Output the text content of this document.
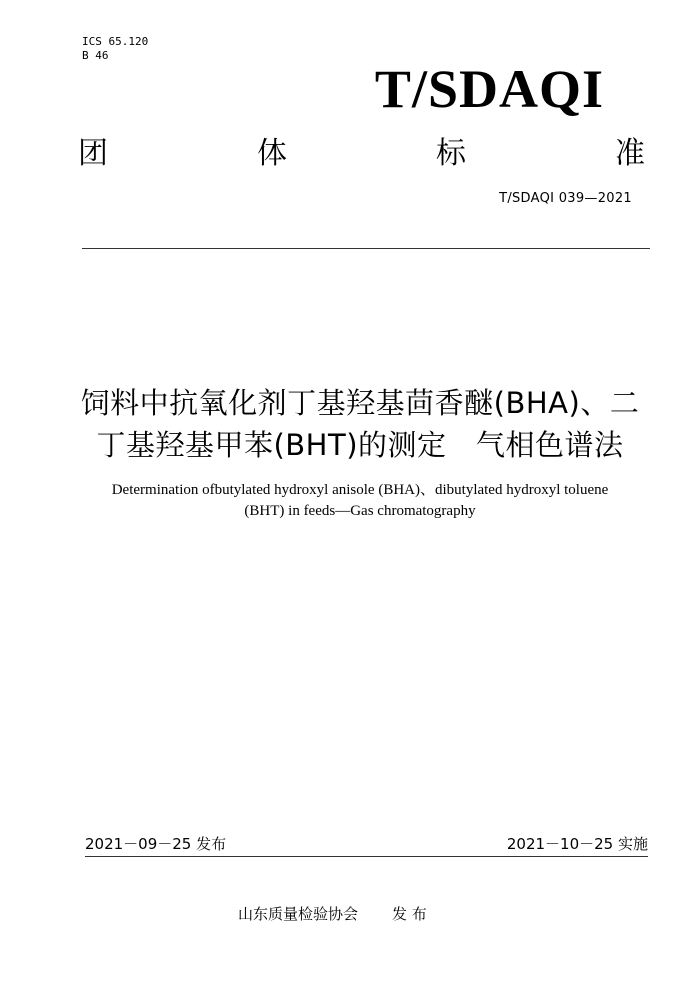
ICS 65.120
B 46
T/SDAQI
团	体	标	准
T/SDAQI 039—2021
饲料中抗氧化剂丁基羟基茴香醚(BHA)、二
丁基羟基甲苯(BHT)的测定　气相色谱法
Determination ofbutylated hydroxyl anisole (BHA)、dibutylated hydroxyl toluene
(BHT) in feeds—Gas chromatography
2021－09－25 发布	2021－10－25 实施
山东质量检验协会 发 布
